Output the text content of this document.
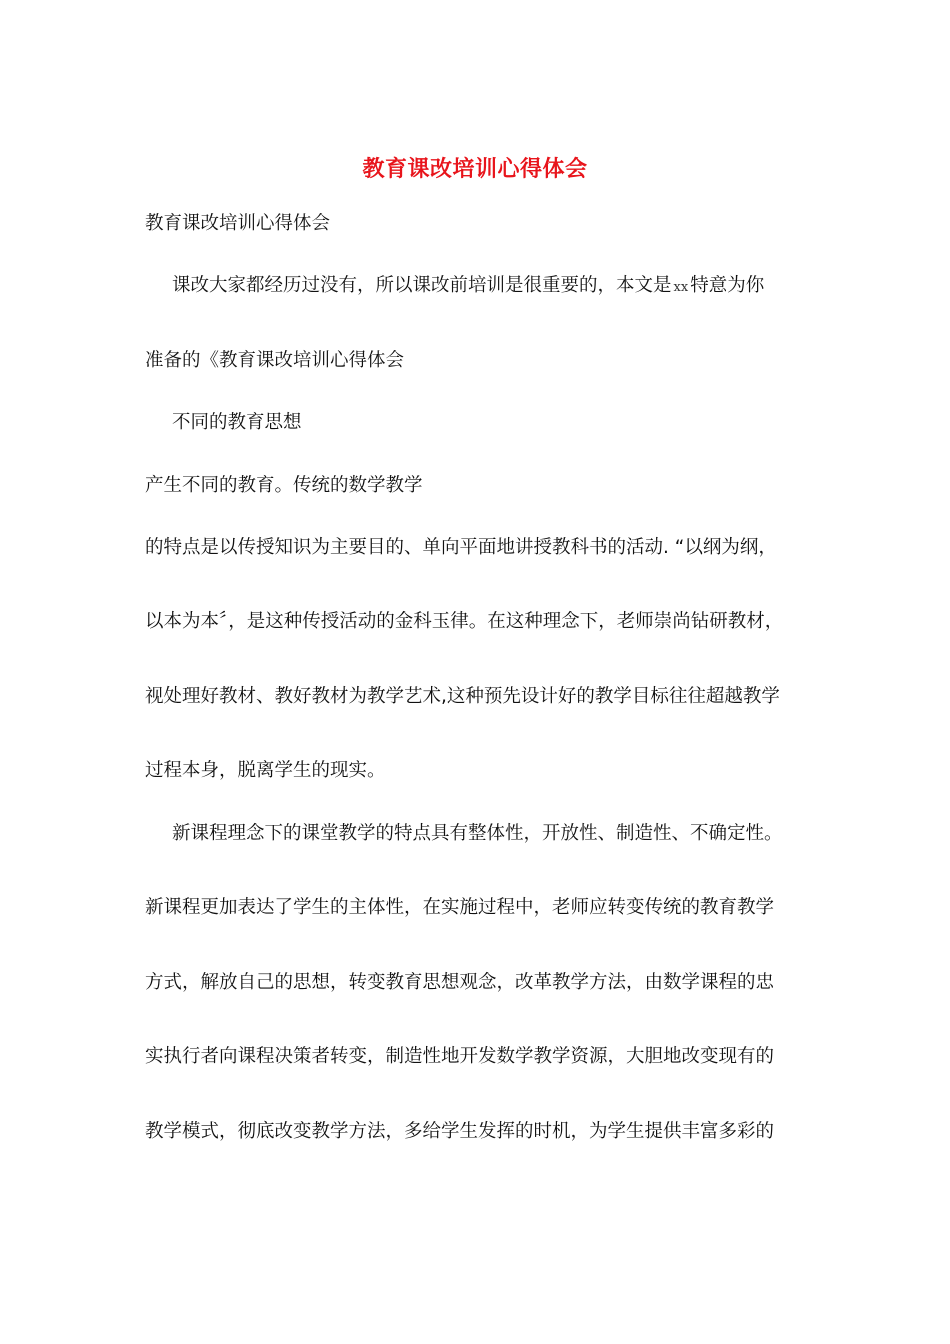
教育课改培训心得体会
教育课改培训心得体会
课改大家都经历过没有，所以课改前培训是很重要的，本文是 xx 特意为你
准备的《教育课改培训心得体会
不同的教育思想
产生不同的教育。传统的数学教学
的特点是以传授知识为主要目的、单向平面地讲授教科书的活动. “以纲为纲，
以本为本〞，是这种传授活动的金科玉律。在这种理念下，老师崇尚钻研教材，
视处理好教材、教好教材为教学艺术,这种预先设计好的教学目标往往超越教学
过程本身，脱离学生的现实。
新课程理念下的课堂教学的特点具有整体性，开放性、制造性、不确定性。
新课程更加表达了学生的主体性，在实施过程中，老师应转变传统的教育教学
方式，解放自己的思想，转变教育思想观念，改革教学方法，由数学课程的忠
实执行者向课程决策者转变，制造性地开发数学教学资源，大胆地改变现有的
教学模式，彻底改变教学方法，多给学生发挥的时机，为学生提供丰富多彩的
